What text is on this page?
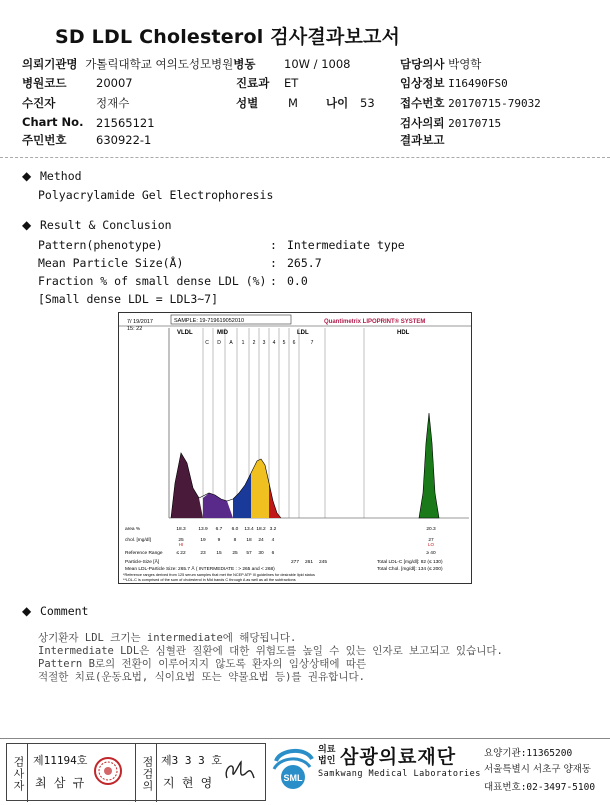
SD LDL Cholesterol 검사결과보고서
의뢰기관명 가톨릭대학교 여의도성모병원병동 10W / 1008	담당의사 박영학
병원코드	20007	진료과 ET	임상정보 I16490FS0
수진자	정재수	성별	M 나이 53 접수번호 20170715-79032
Chart No. 21565121	검사의뢰 20170715
주민번호	630922-1	결과보고
◆ Method
Polyacrylamide Gel Electrophoresis
◆ Result & Conclusion
Pattern(phenotype)	: Intermediate type
Mean Particle Size(Å)	: 265.7
Fraction % of small dense LDL (%) : 0.0
[Small dense LDL = LDL3~7]
7/ 19/2017
15: 22
SAMPLE: 19-719619052010	Quantimetrix LIPOPRINT® SYSTEM
VLDL	MID	LDL	HDL
C D A 1 2 3 4 5 6	7
area %	18.3	13.9 6.7 6.0 13.4 18.2 3.2	20.3
chol. [mg/dl]	25	19 9	8 18 24 4	27
Reference Range	≤ 22	23 15 25 57 30 6	≥ 40
HI	LO
Particle-Size [Å]	277 261 245
Mean LDL-Particle Size: 265.7 Å ( INTERMEDIATE : > 265 and < 268)
Total LDL-C [mg/dl]: 82 (≤ 130)
Total Chol. [mg/dl]: 134 (≤ 200)
*Reference ranges derived from 125 serum samples that met the NCEP ATP III guidelines for desirable lipid status
**LDL-C is comprised of the sum of cholesterol in Mid bands C through A as well as all the subfractions
◆ Comment
상기환자 LDL 크기는 intermediate에 해당됩니다.
Intermediate LDL은 심혈관 질환에 대한 위험도를 높일 수 있는 인자로 보고되고 있습니다.
Pattern B로의 전환이 이루어지지 않도록 환자의 임상상태에 따른
적절한 치료(운동요법, 식이요법 또는 약물요법 등)를 권유합니다.
검사자 제11194호
최 삼 규	점검의 제3 3 3 호
지 현 영	SML
의료
법인 삼광의료재단
Samkwang Medical Laboratories
요양기관:11365200
서울특별시 서초구 양재동
대표번호:02-3497-5100
